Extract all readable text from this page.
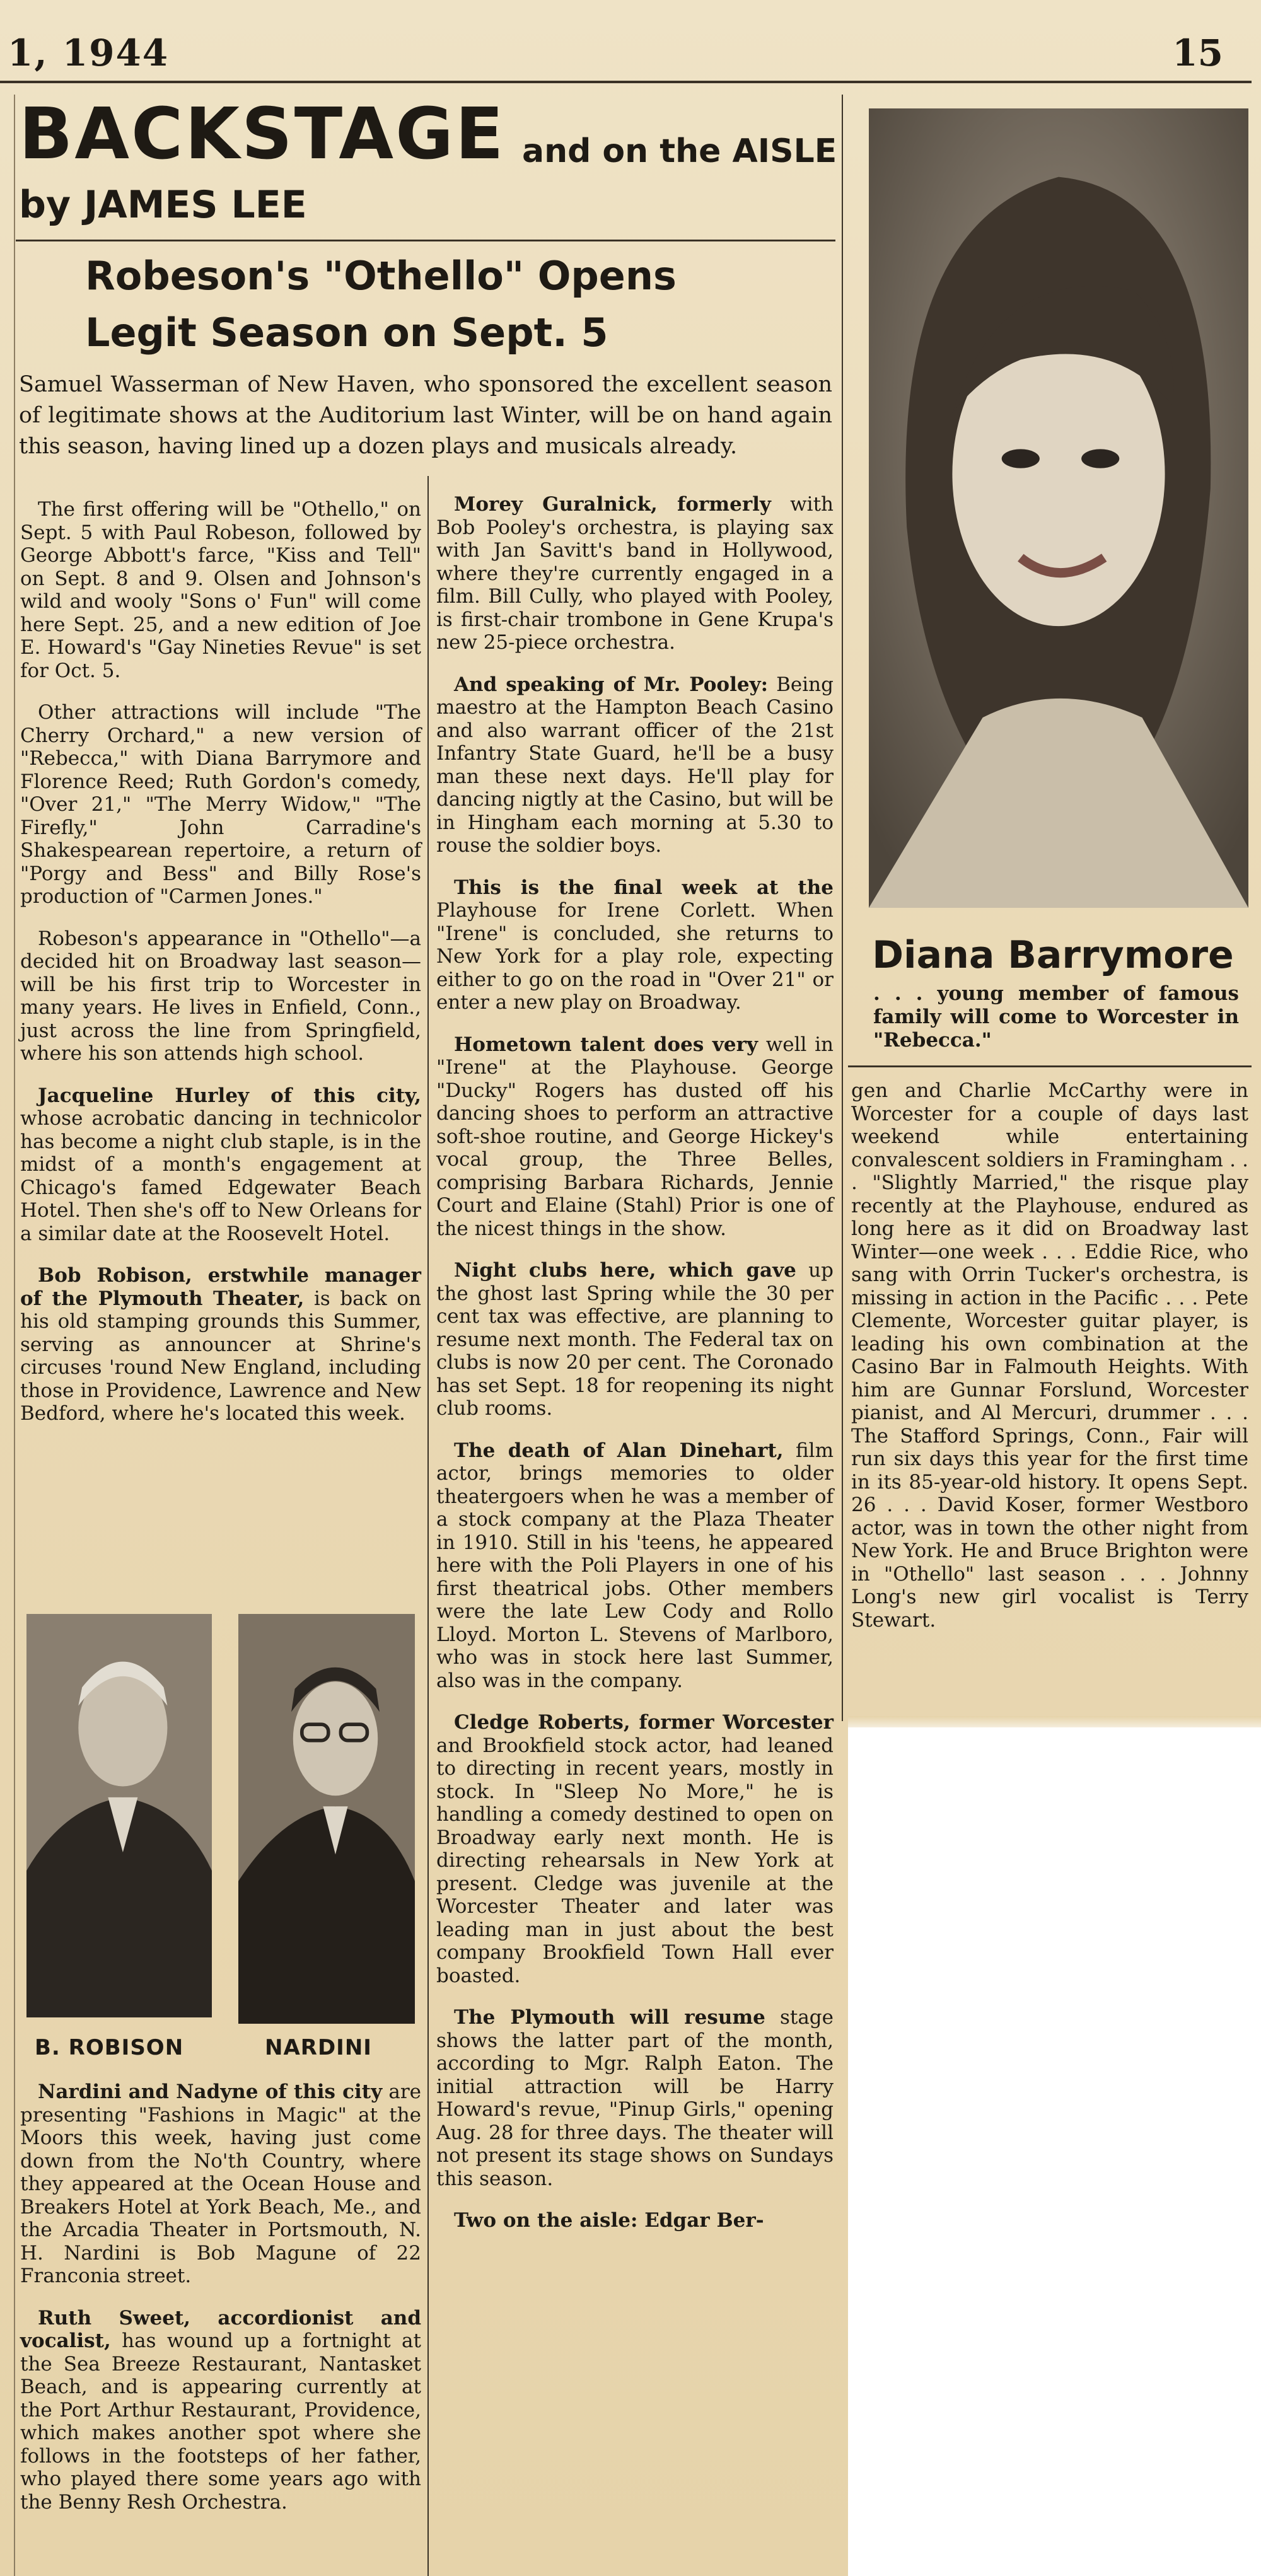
1, 1944	15
BACKSTAGE and on the AISLE
by JAMES LEE
Robeson's "Othello" Opens
Legit Season on Sept. 5
Samuel Wasserman of New Haven, who sponsored the excellent season of legitimate shows at the Auditorium last Winter, will be on hand again this season, having lined up a dozen plays and musicals already.

The first offering will be "Othello," on Sept. 5 with Paul Robeson, followed by George Abbott's farce, "Kiss and Tell" on Sept. 8 and 9. Olsen and Johnson's wild and wooly "Sons o' Fun" will come here Sept. 25, and a new edition of Joe E. Howard's "Gay Nineties Revue" is set for Oct. 5.

Other attractions will include "The Cherry Orchard," a new version of "Rebecca," with Diana Barrymore and Florence Reed; Ruth Gordon's comedy, "Over 21," "The Merry Widow," "The Firefly," John Carradine's Shakespearean repertoire, a return of "Porgy and Bess" and Billy Rose's production of "Carmen Jones."

Robeson's appearance in "Othello"—a decided hit on Broadway last season—will be his first trip to Worcester in many years. He lives in Enfield, Conn., just across the line from Springfield, where his son attends high school.

Jacqueline Hurley of this city, whose acrobatic dancing in technicolor has become a night club staple, is in the midst of a month's engagement at Chicago's famed Edgewater Beach Hotel. Then she's off to New Orleans for a similar date at the Roosevelt Hotel.

Bob Robison, erstwhile manager of the Plymouth Theater, is back on his old stamping grounds this Summer, serving as announcer at Shrine's circuses 'round New England, including those in Providence, Lawrence and New Bedford, where he's located this week.

B. ROBISON	NARDINI

Nardini and Nadyne of this city are presenting "Fashions in Magic" at the Moors this week, having just come down from the No'th Country, where they appeared at the Ocean House and Breakers Hotel at York Beach, Me., and the Arcadia Theater in Portsmouth, N. H. Nardini is Bob Magune of 22 Franconia street.

Ruth Sweet, accordionist and vocalist, has wound up a fortnight at the Sea Breeze Restaurant, Nantasket Beach, and is appearing currently at the Port Arthur Restaurant, Providence, which makes another spot where she follows in the footsteps of her father, who played there some years ago with the Benny Resh Orchestra.

Morey Guralnick, formerly with Bob Pooley's orchestra, is playing sax with Jan Savitt's band in Hollywood, where they're currently engaged in a film. Bill Cully, who played with Pooley, is first-chair trombone in Gene Krupa's new 25-piece orchestra.

And speaking of Mr. Pooley: Being maestro at the Hampton Beach Casino and also warrant officer of the 21st Infantry State Guard, he'll be a busy man these next days. He'll play for dancing nigtly at the Casino, but will be in Hingham each morning at 5.30 to rouse the soldier boys.

This is the final week at the Playhouse for Irene Corlett. When "Irene" is concluded, she returns to New York for a play role, expecting either to go on the road in "Over 21" or enter a new play on Broadway.

Hometown talent does very well in "Irene" at the Playhouse. George "Ducky" Rogers has dusted off his dancing shoes to perform an attractive soft-shoe routine, and George Hickey's vocal group, the Three Belles, comprising Barbara Richards, Jennie Court and Elaine (Stahl) Prior is one of the nicest things in the show.

Night clubs here, which gave up the ghost last Spring while the 30 per cent tax was effective, are planning to resume next month. The Federal tax on clubs is now 20 per cent. The Coronado has set Sept. 18 for reopening its night club rooms.

The death of Alan Dinehart, film actor, brings memories to older theatergoers when he was a member of a stock company at the Plaza Theater in 1910. Still in his 'teens, he appeared here with the Poli Players in one of his first theatrical jobs. Other members were the late Lew Cody and Rollo Lloyd. Morton L. Stevens of Marlboro, who was in stock here last Summer, also was in the company.

Cledge Roberts, former Worcester and Brookfield stock actor, had leaned to directing in recent years, mostly in stock. In "Sleep No More," he is handling a comedy destined to open on Broadway early next month. He is directing rehearsals in New York at present. Cledge was juvenile at the Worcester Theater and later was leading man in just about the best company Brookfield Town Hall ever boasted.

The Plymouth will resume stage shows the latter part of the month, according to Mgr. Ralph Eaton. The initial attraction will be Harry Howard's revue, "Pinup Girls," opening Aug. 28 for three days. The theater will not present its stage shows on Sundays this season.

Two on the aisle: Edgar Ber-

Diana Barrymore
. . . young member of famous family will come to Worcester in "Rebecca."

gen and Charlie McCarthy were in Worcester for a couple of days last weekend while entertaining convalescent soldiers in Framingham . . . "Slightly Married," the risque play recently at the Playhouse, endured as long here as it did on Broadway last Winter—one week . . . Eddie Rice, who sang with Orrin Tucker's orchestra, is missing in action in the Pacific . . . Pete Clemente, Worcester guitar player, is leading his own combination at the Casino Bar in Falmouth Heights. With him are Gunnar Forslund, Worcester pianist, and Al Mercuri, drummer . . . The Stafford Springs, Conn., Fair will run six days this year for the first time in its 85-year-old history. It opens Sept. 26 . . . David Koser, former Westboro actor, was in town the other night from New York. He and Bruce Brighton were in "Othello" last season . . . Johnny Long's new girl vocalist is Terry Stewart.
